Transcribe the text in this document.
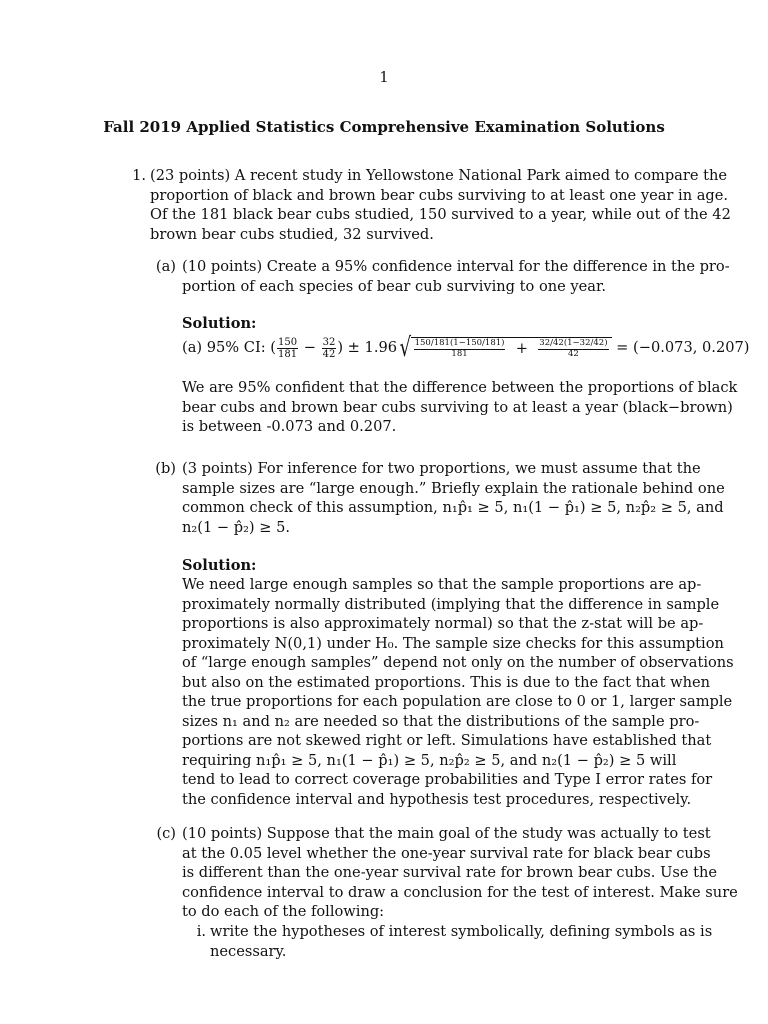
1
Fall 2019 Applied Statistics Comprehensive Examination Solutions
1. (23 points) A recent study in Yellowstone National Park aimed to compare the
proportion of black and brown bear cubs surviving to at least one year in age.
Of the 181 black bear cubs studied, 150 survived to a year, while out of the 42
brown bear cubs studied, 32 survived.
(a) (10 points) Create a 95% confidence interval for the difference in the pro-
portion of each species of bear cub surviving to one year.
Solution:
(a) 95% CI: ( $\frac{150}{181} - \frac{32}{42}$ ) ± 1.96 √ $\frac{150/181(1-150/181)}{181} + \frac{32/42(1-32/42)}{42}$
= (−0.073, 0.207)
We are 95% confident that the difference between the proportions of black
bear cubs and brown bear cubs surviving to at least a year (black−brown)
is between -0.073 and 0.207.
(b) (3 points) For inference for two proportions, we must assume that the
sample sizes are “large enough.” Briefly explain the rationale behind one
common check of this assumption, n₁p̂₁ ≥ 5, n₁(1 − p̂₁) ≥ 5, n₂p̂₂ ≥ 5, and
n₂(1 − p̂₂) ≥ 5.
Solution:
We need large enough samples so that the sample proportions are ap-
proximately normally distributed (implying that the difference in sample
proportions is also approximately normal) so that the z-stat will be ap-
proximately N(0,1) under H₀. The sample size checks for this assumption
of “large enough samples” depend not only on the number of observations
but also on the estimated proportions. This is due to the fact that when
the true proportions for each population are close to 0 or 1, larger sample
sizes n₁ and n₂ are needed so that the distributions of the sample pro-
portions are not skewed right or left. Simulations have established that
requiring n₁p̂₁ ≥ 5, n₁(1 − p̂₁) ≥ 5, n₂p̂₂ ≥ 5, and n₂(1 − p̂₂) ≥ 5 will
tend to lead to correct coverage probabilities and Type I error rates for
the confidence interval and hypothesis test procedures, respectively.
(c) (10 points) Suppose that the main goal of the study was actually to test
at the 0.05 level whether the one-year survival rate for black bear cubs
is different than the one-year survival rate for brown bear cubs. Use the
confidence interval to draw a conclusion for the test of interest. Make sure
to do each of the following:
i. write the hypotheses of interest symbolically, defining symbols as is
necessary.
